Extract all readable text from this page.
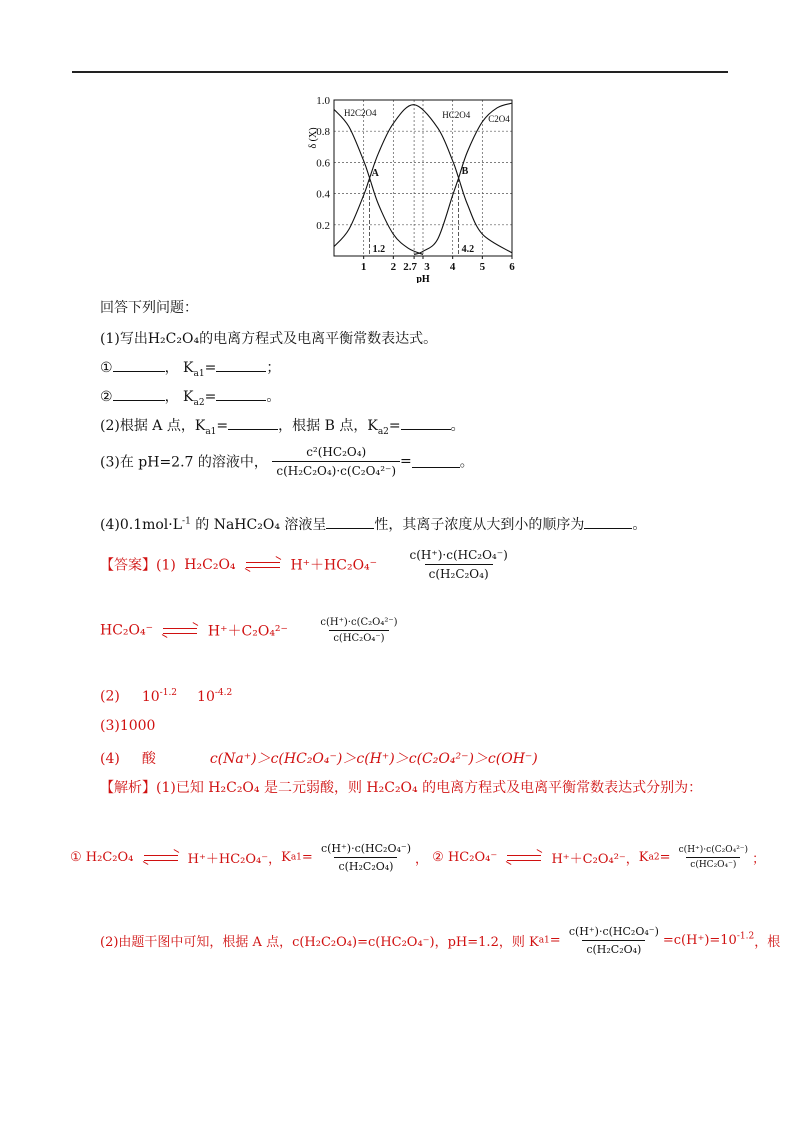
0.2
0.4
0.6
0.8
1.0
1 2 2.7 3 4 5 6
pH
δ (X)
A	B
1.2	4.2
H2C2O4	HC2O4 C2O4
回答下列问题：
(1)写出H₂C₂O₄的电离方程式及电离平衡常数表达式。
①	， $K_{a1}=$	；
②	， $K_{a2}=$	。
(2)根据 A 点，$K_{a1}=$	，根据 B 点，$K_{a2}=$	。
(3)在 pH=2.7 的溶液中， $\frac{\text{c²(HC₂O₄)}}{\text{c(H₂C₂O₄)·c(C₂O₄²⁻)}}$ =	。
$(4)0.1mol\cdot L^{-1}$ 的 NaHC₂O₄ 溶液呈	性，其离子浓度从大到小的顺序为	。
【答案】(1) H₂C₂O₄	$H^++HC_2O_4^- \frac{\text{c(H⁺)·c(HC₂O₄⁻)}}{\text{c(H₂C₂O₄)}}$
HC₂O₄⁻	H⁺＋C₂O₄²⁻	$\frac{\text{c(H⁺)·c(C₂O₄²⁻)}}{\text{c(HC₂O₄⁻)}}$
(2) $10^{-1.2}$ $10^{-4.2}$
(3)1000
(4) 酸	c(Na⁺)＞c(HC₂O₄⁻)＞c(H⁺)＞c(C₂O₄²⁻)＞c(OH⁻)
【解析】(1)已知 H₂C₂O₄ 是二元弱酸，则 H₂C₂O₄ 的电离方程式及电离平衡常数表达式分别为：
① H₂C₂O₄	H⁺＋HC₂O₄⁻，$Ka1= \frac{\text{c(H⁺)·c(HC₂O₄⁻)}}{\text{c(H₂C₂O₄)}}$ ， ② HC₂O₄⁻	H⁺＋C₂O₄²⁻，$Ka2= \frac{\text{c(H⁺)·c(C₂O₄²⁻)}}{\text{c(HC₂O₄⁻)}}$ ；
(2)由题干图中可知，根据 A 点，c(H₂C₂O₄)=c(HC₂O₄⁻)，pH=1.2，则 $Ka1= \frac{\text{c(H⁺)·c(HC₂O₄⁻)}}{\text{c(H₂C₂O₄)}} =c(H^+)=10^{-1.2}$，根
